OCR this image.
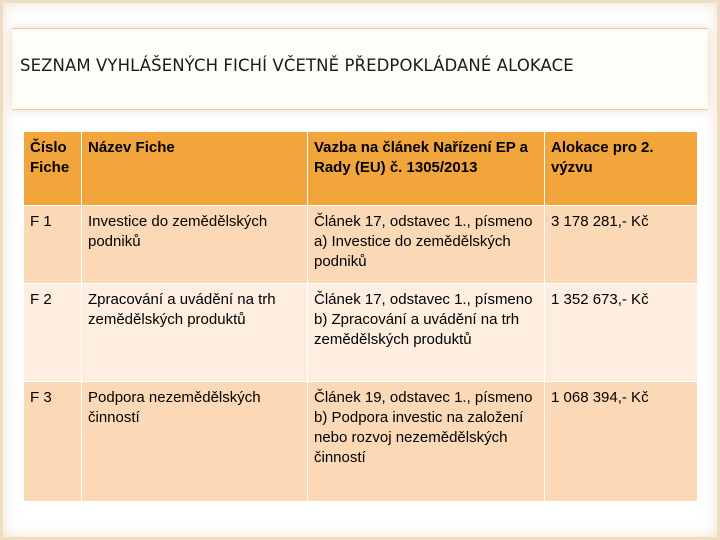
SEZNAM VYHLÁŠENÝCH FICHÍ VČETNĚ PŘEDPOKLÁDANÉ ALOKACE
Číslo Fiche	Název Fiche	Vazba na článek Nařízení EP a Rady (EU) č. 1305/2013	Alokace pro 2. výzvu
F 1	Investice do zemědělských podniků	Článek 17, odstavec 1., písmeno a) Investice do zemědělských podniků	3 178 281,- Kč
F 2	Zpracování a uvádění na trh zemědělských produktů	Článek 17, odstavec 1., písmeno b) Zpracování a uvádění na trh zemědělských produktů	1 352 673,- Kč
F 3	Podpora nezemědělských činností	Článek 19, odstavec 1., písmeno b) Podpora investic na založení nebo rozvoj nezemědělských činností	1 068 394,- Kč
